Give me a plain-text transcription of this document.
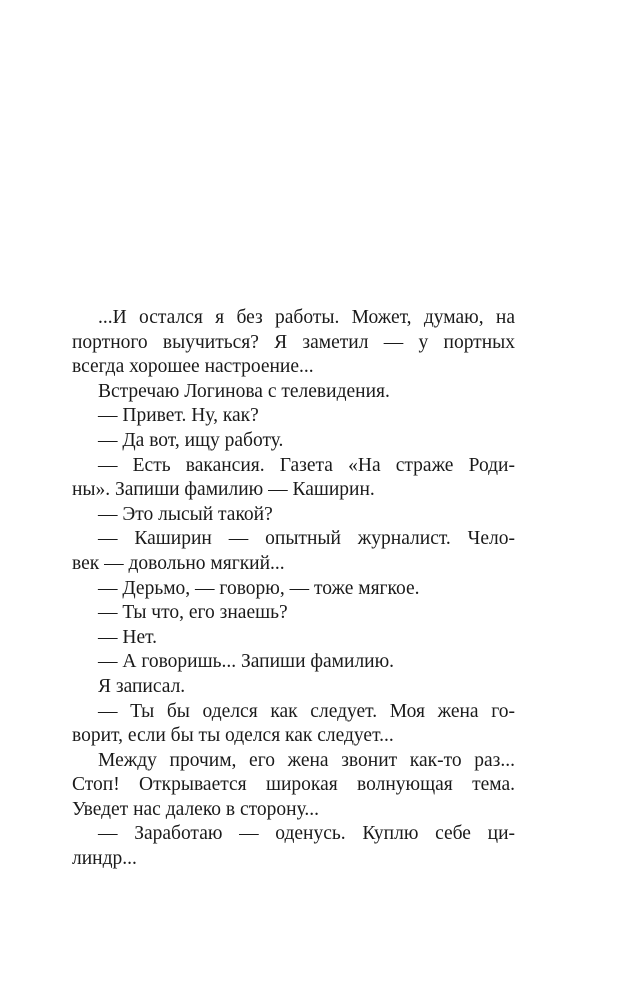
...И остался я без работы. Может, думаю, на
портного выучиться? Я заметил — у портных
всегда хорошее настроение...
Встречаю Логинова с телевидения.
— Привет. Ну, как?
— Да вот, ищу работу.
— Есть вакансия. Газета «На страже Роди-
ны». Запиши фамилию — Каширин.
— Это лысый такой?
— Каширин — опытный журналист. Чело-
век — довольно мягкий...
— Дерьмо, — говорю, — тоже мягкое.
— Ты что, его знаешь?
— Нет.
— А говоришь... Запиши фамилию.
Я записал.
— Ты бы оделся как следует. Моя жена го-
ворит, если бы ты оделся как следует...
Между прочим, его жена звонит как-то раз...
Стоп! Открывается широкая волнующая тема.
Уведет нас далеко в сторону...
— Заработаю — оденусь. Куплю себе ци-
линдр...
